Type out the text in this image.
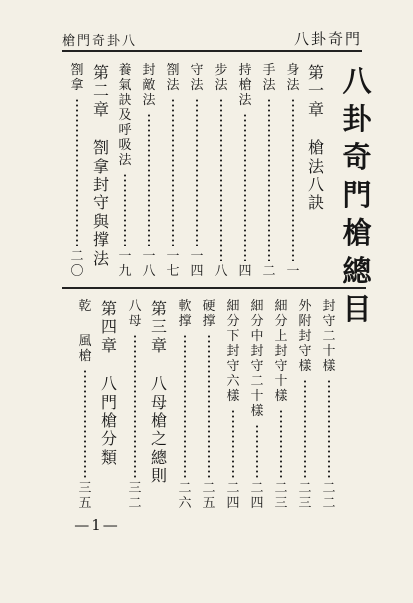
槍門奇卦八	八卦奇門
八
卦
奇
門
槍
總
目
第
一
章
槍
法
八
訣
身
法
一
手
法
二
持
槍
法
四
步
法
八
守
法
一
四
劄
法
一
七
封
敵
法
一
八
養
氣
訣
及
呼
吸
法
一
九
第
二
章
劄
拿
封
守
與
撑
法
劄
拿
二
〇
封
守
二
十
樣
二
二
外
附
封
守
樣
二
三
細
分
上
封
守
十
樣
二
三
細
分
中
封
守
二
十
樣
二
四
細
分
下
封
守
六
樣
二
四
硬
撑
二
五
軟
撑
二
六
第
三
章
八
母
槍
之
總
則
八
母
三
二
第
四
章
八
門
槍
分
類
乾
風
槍
三
五
—1—
